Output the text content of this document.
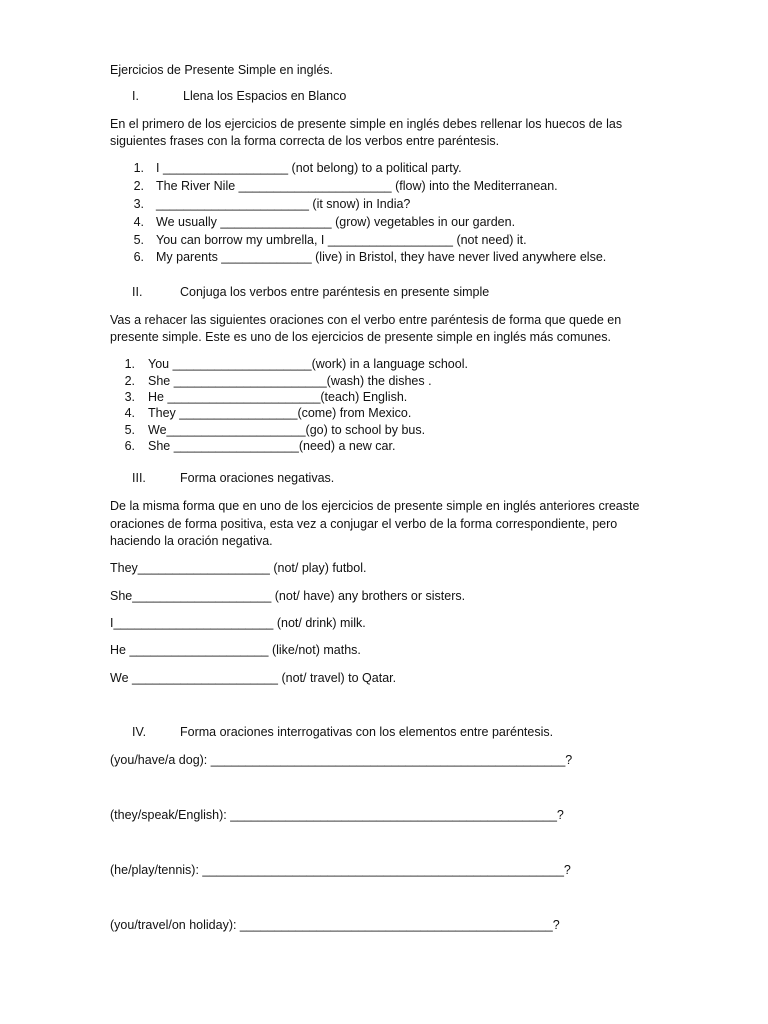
Ejercicios de Presente Simple en inglés.
I.	Llena los Espacios en Blanco
En el primero de los ejercicios de presente simple en inglés debes rellenar los huecos de las
siguientes frases con la forma correcta de los verbos entre paréntesis.
1. I __________________ (not belong) to a political party.
2. The River Nile ______________________ (flow) into the Mediterranean.
3. ______________________ (it snow) in India?
4. We usually ________________ (grow) vegetables in our garden.
5. You can borrow my umbrella, I __________________ (not need) it.
6. My parents _____________ (live) in Bristol, they have never lived anywhere else.
II.	Conjuga los verbos entre paréntesis en presente simple
Vas a rehacer las siguientes oraciones con el verbo entre paréntesis de forma que quede en
presente simple. Este es uno de los ejercicios de presente simple en inglés más comunes.
1. You ____________________(work) in a language school.
2. She ______________________(wash) the dishes .
3. He ______________________(teach) English.
4. They _________________(come) from Mexico.
5. We____________________(go) to school by bus.
6. She __________________(need) a new car.
III.	Forma oraciones negativas.
De la misma forma que en uno de los ejercicios de presente simple en inglés anteriores creaste
oraciones de forma positiva, esta vez a conjugar el verbo de la forma correspondiente, pero
haciendo la oración negativa.
They___________________ (not/ play) futbol.
She____________________ (not/ have) any brothers or sisters.
I_______________________ (not/ drink) milk.
He ____________________ (like/not) maths.
We _____________________ (not/ travel) to Qatar.
IV.	Forma oraciones interrogativas con los elementos entre paréntesis.
(you/have/a dog): ___________________________________________________?
(they/speak/English): _______________________________________________?
(he/play/tennis): ____________________________________________________?
(you/travel/on holiday): _____________________________________________?
